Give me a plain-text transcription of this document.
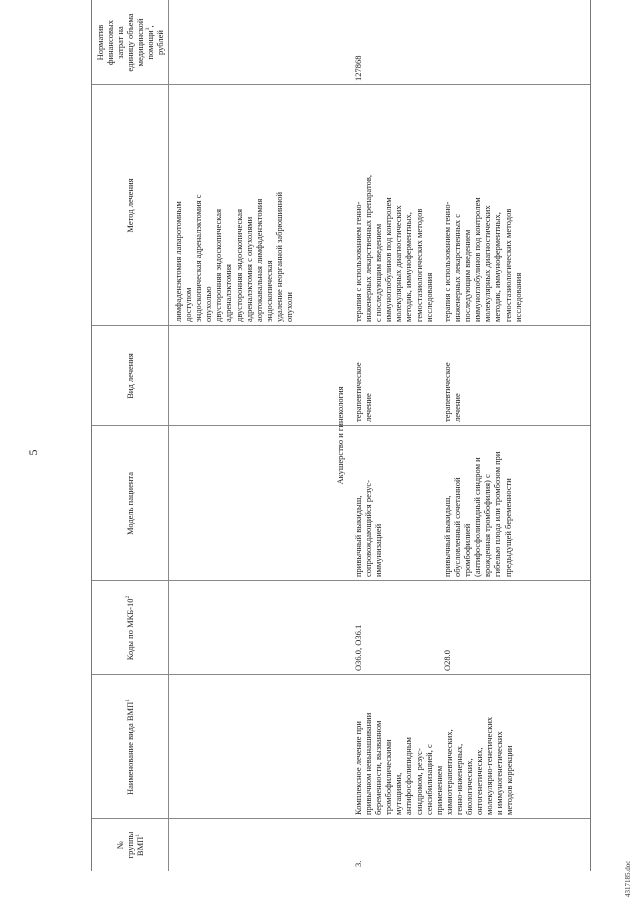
5
№ группы ВМП$^1$
Наименование вида ВМП$^1$
Коды по МКБ-$10^2$
Модель пациента
Вид лечения
Метод лечения
Норматив финансовых затрат на единицу объема медицинской помощи$^3$,
рублей
лимфаденэктомия лапаротомным доступом эндоскопическая адреналэктомия с опухолью двусторонняя эндоскопическая адреналэктомия двусторонняя эндоскопическая адреналэктомия с опухолями аортокавальная лимфаденэктомия эндоскопическая удаление неорганной забрюшинной опухоли
Акушерство и гинекология
3.
Комплексное лечение при привычном невынашивании беременности, вызванном тромбофилическими мутациями, антифосфолипидным синдромом, резус- сенсибилизацией, с применением химиотерапевтических, генно-инженерных, биологических, онтогенетических, молекулярно-генетических и иммуногенетических методов коррекции
127868
O36.0, O36.1
привычный выкидыш, сопровождающийся резус- иммунизацией
терапевтическое лечение
терапия с использованием генно- инженерных лекарственных препаратов, с последующим введением иммуноглобулинов под контролем молекулярных диагностических методик, иммуноферментных, гемостазиологических методов исследования
O28.0
привычный выкидыш, обусловленный сочетанной тромбофилией (антифосфолипидный синдром и врожденная тромбофилия) с гибелью плода или тромбозом при предыдущей беременности
терапевтическое лечение
терапия с использованием генно- инженерных лекарственных с последующим введением иммуноглобулинов под контролем молекулярных диагностических методик, иммуноферментных, гемостазиологических методов исследования
4317185.doc
